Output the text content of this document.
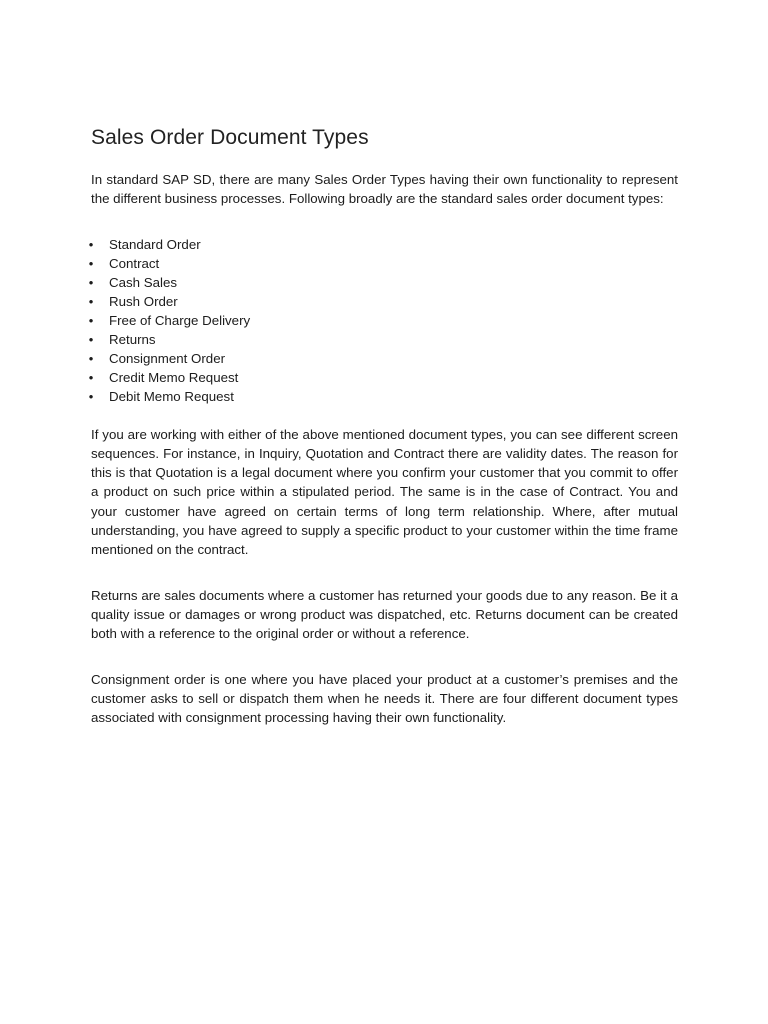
Sales Order Document Types

In standard SAP SD, there are many Sales Order Types having their own functionality to represent the different business processes. Following broadly are the standard sales order document types:

• Standard Order
• Contract
• Cash Sales
• Rush Order
• Free of Charge Delivery
• Returns
• Consignment Order
• Credit Memo Request
• Debit Memo Request

If you are working with either of the above mentioned document types, you can see different screen sequences. For instance, in Inquiry, Quotation and Contract there are validity dates. The reason for this is that Quotation is a legal document where you confirm your customer that you commit to offer a product on such price within a stipulated period. The same is in the case of Contract. You and your customer have agreed on certain terms of long term relationship. Where, after mutual understanding, you have agreed to supply a specific product to your customer within the time frame mentioned on the contract.

Returns are sales documents where a customer has returned your goods due to any reason. Be it a quality issue or damages or wrong product was dispatched, etc. Returns document can be created both with a reference to the original order or without a reference.

Consignment order is one where you have placed your product at a customer’s premises and the customer asks to sell or dispatch them when he needs it. There are four different document types associated with consignment processing having their own functionality.
